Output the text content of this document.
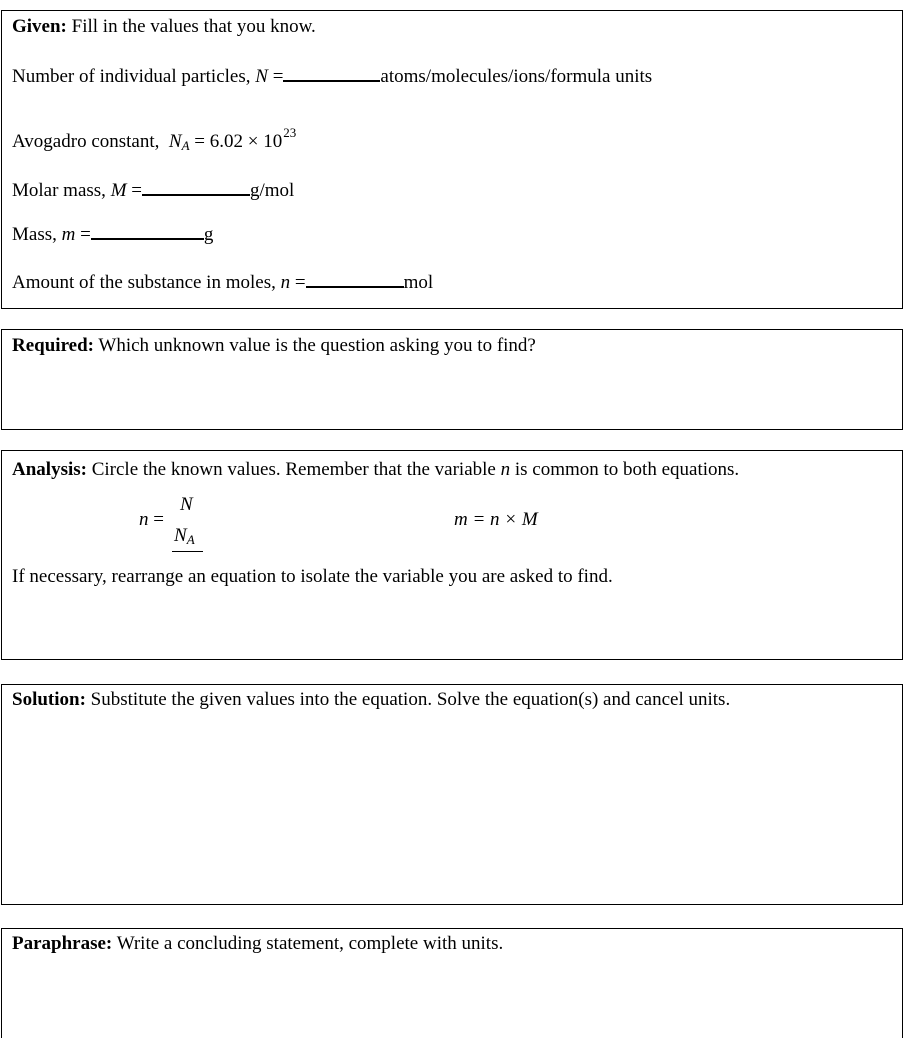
Given: Fill in the values that you know.
Number of individual particles, N =	atoms/molecules/ions/formula units
Avogadro constant, $N_A = 6.02 \times 10^{23}$
Molar mass, M =	g/mol
Mass, m =	g
Amount of the substance in moles, n =	mol
Required: Which unknown value is the question asking you to find?
Analysis: Circle the known values. Remember that the variable n is common to both equations.
n =
N
$N_A$
m = n × M
If necessary, rearrange an equation to isolate the variable you are asked to find.
Solution: Substitute the given values into the equation. Solve the equation(s) and cancel units.
Paraphrase: Write a concluding statement, complete with units.
